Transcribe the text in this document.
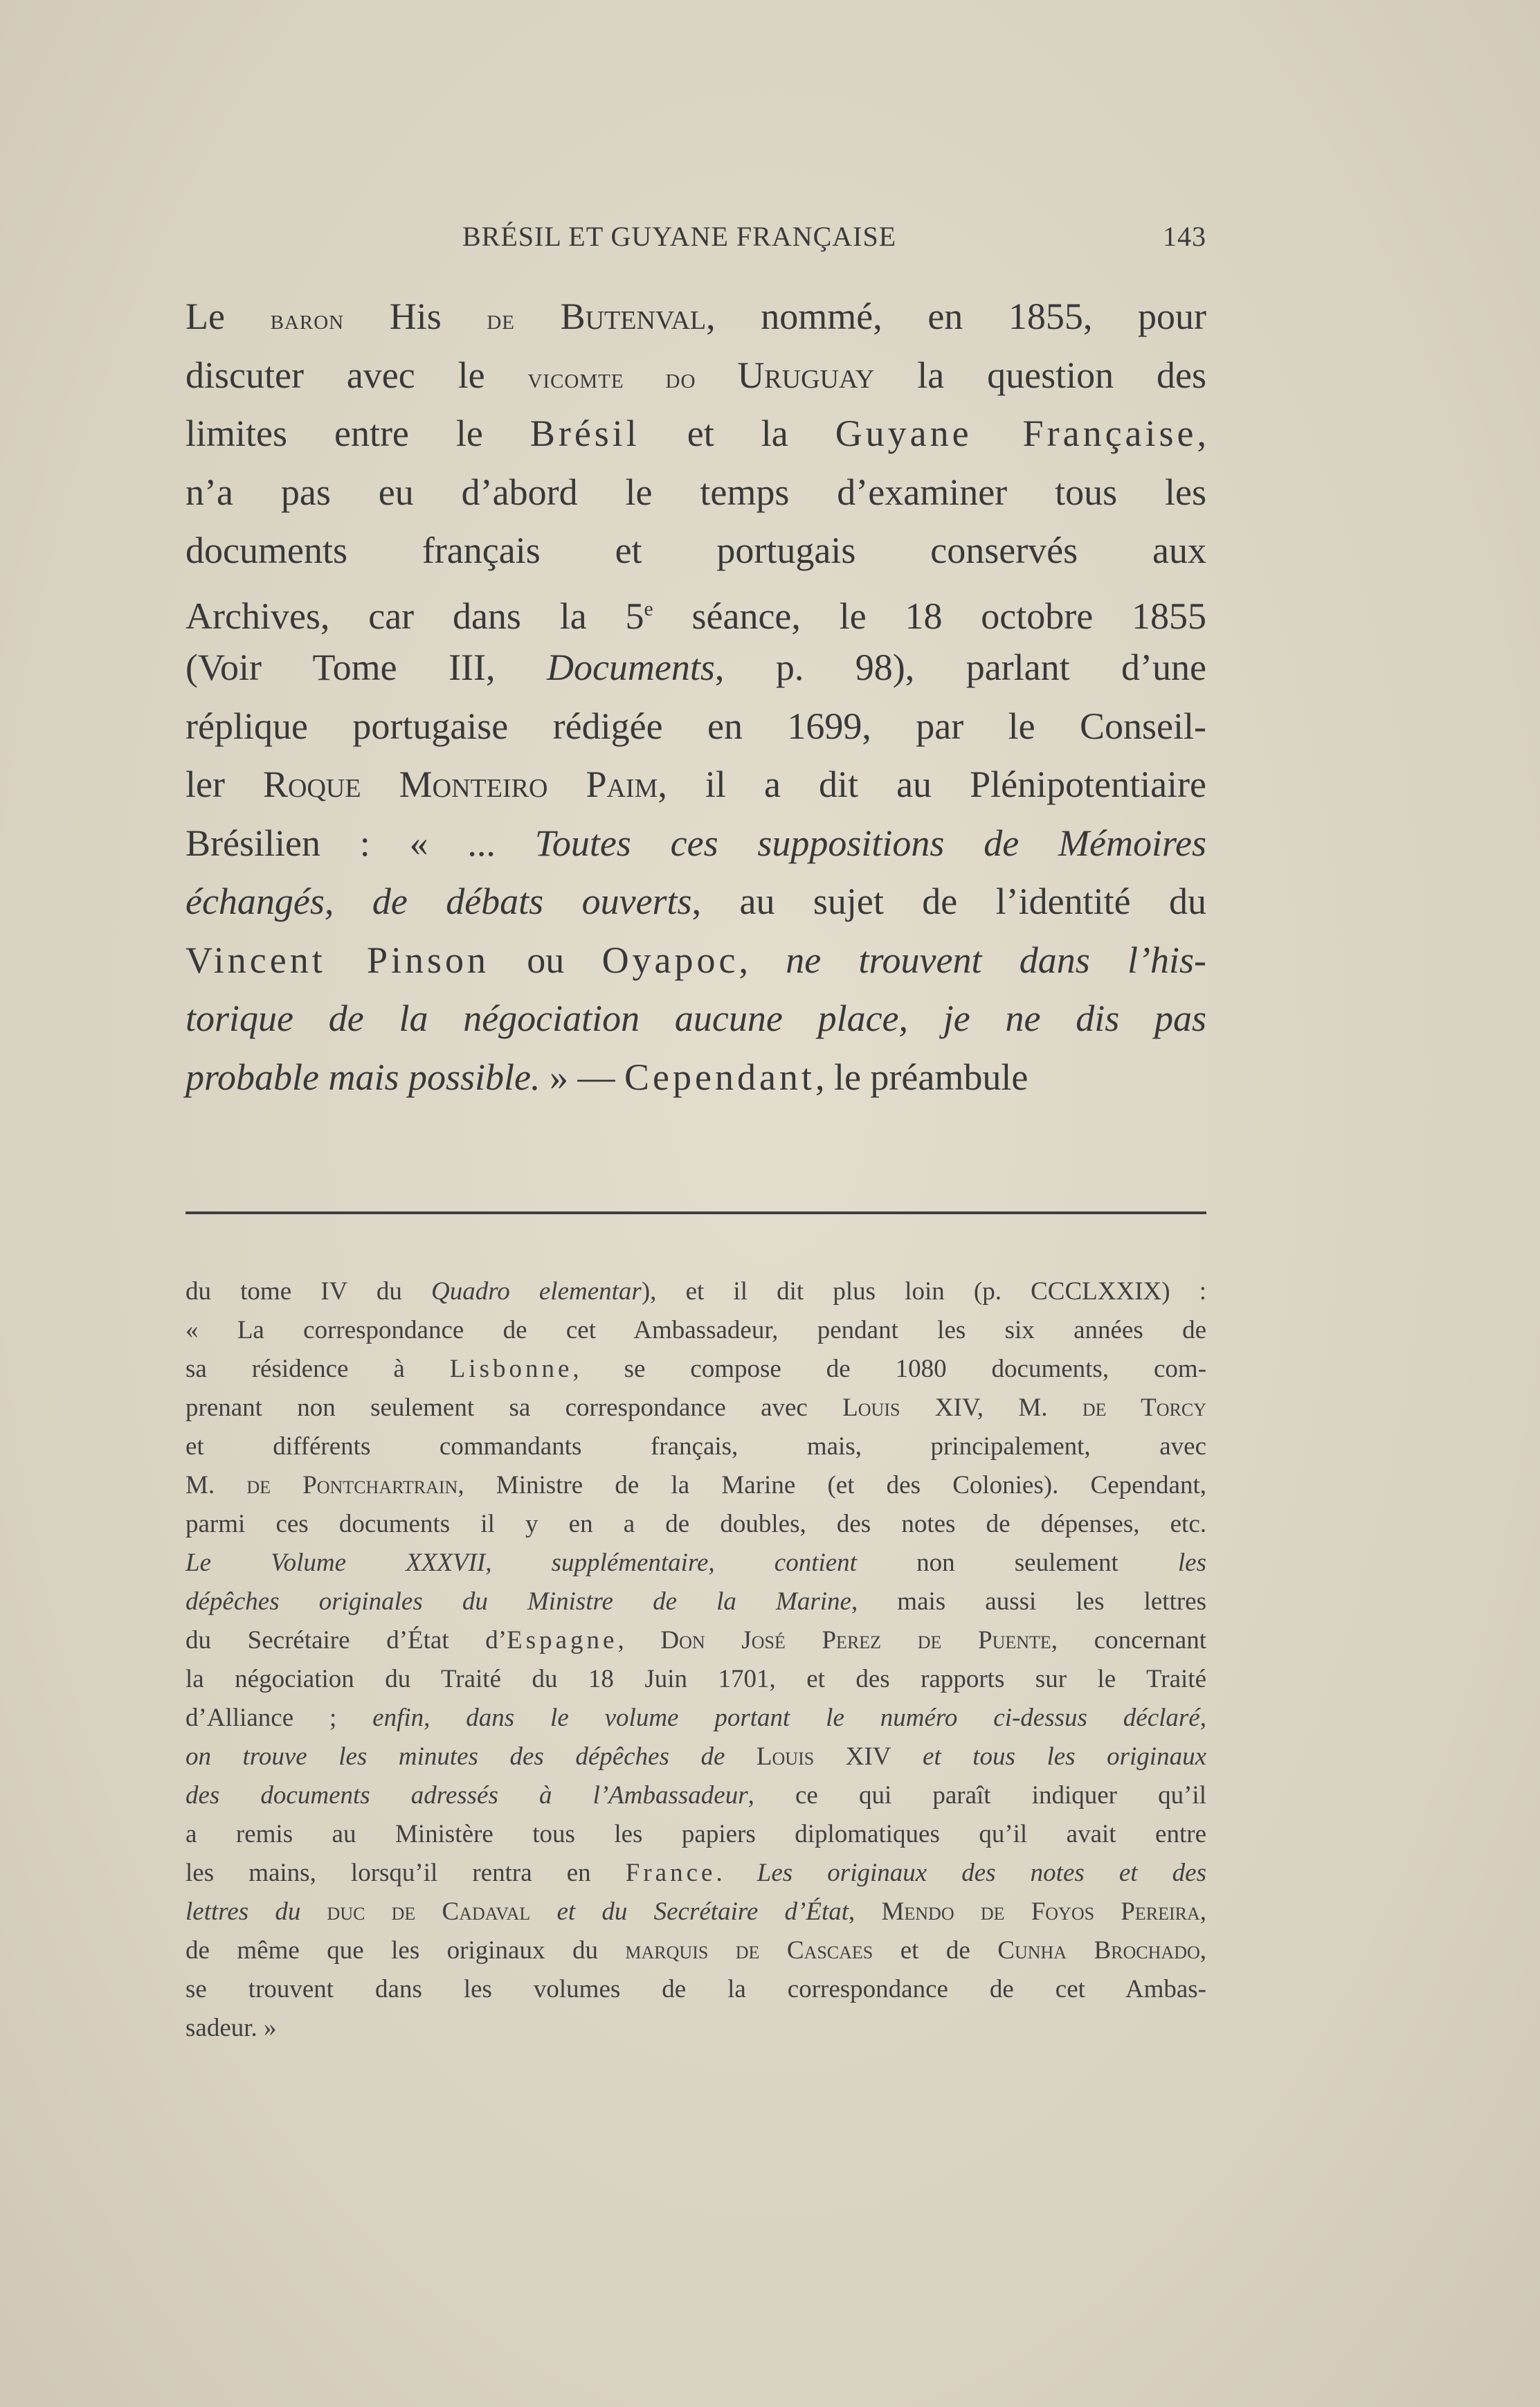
BRÉSIL ET GUYANE FRANÇAISE	143
Le baron His de Butenval, nommé, en 1855, pour
discuter avec le vicomte do Uruguay la question des
limites entre le Brésil et la Guyane Française,
n’a pas eu d’abord le temps d’examiner tous les
documents français et portugais conservés aux
Archives, car dans la 5e séance, le 18 octobre 1855
(Voir Tome III, Documents, p. 98), parlant d’une
réplique portugaise rédigée en 1699, par le Conseil-
ler Roque Monteiro Paim, il a dit au Plénipotentiaire
Brésilien : « ... Toutes ces suppositions de Mémoires
échangés, de débats ouverts, au sujet de l’identité du
Vincent Pinson ou Oyapoc, ne trouvent dans l’his-
torique de la négociation aucune place, je ne dis pas
probable mais possible. » — Cependant, le préambule
du tome IV du Quadro elementar), et il dit plus loin (p. CCCLXXIX) :
« La correspondance de cet Ambassadeur, pendant les six années de
sa résidence à Lisbonne, se compose de 1080 documents, com-
prenant non seulement sa correspondance avec Louis XIV, M. de Torcy
et différents commandants français, mais, principalement, avec
M. de Pontchartrain, Ministre de la Marine (et des Colonies). Cependant,
parmi ces documents il y en a de doubles, des notes de dépenses, etc.
Le Volume XXXVII, supplémentaire, contient non seulement les
dépêches originales du Ministre de la Marine, mais aussi les lettres
du Secrétaire d’État d’Espagne, Don José Perez de Puente, concernant
la négociation du Traité du 18 Juin 1701, et des rapports sur le Traité
d’Alliance ; enfin, dans le volume portant le numéro ci-dessus déclaré,
on trouve les minutes des dépêches de Louis XIV et tous les originaux
des documents adressés à l’Ambassadeur, ce qui paraît indiquer qu’il
a remis au Ministère tous les papiers diplomatiques qu’il avait entre
les mains, lorsqu’il rentra en France. Les originaux des notes et des
lettres du duc de Cadaval et du Secrétaire d’État, Mendo de Foyos Pereira,
de même que les originaux du marquis de Cascaes et de Cunha Brochado,
se trouvent dans les volumes de la correspondance de cet Ambas-
sadeur. »
